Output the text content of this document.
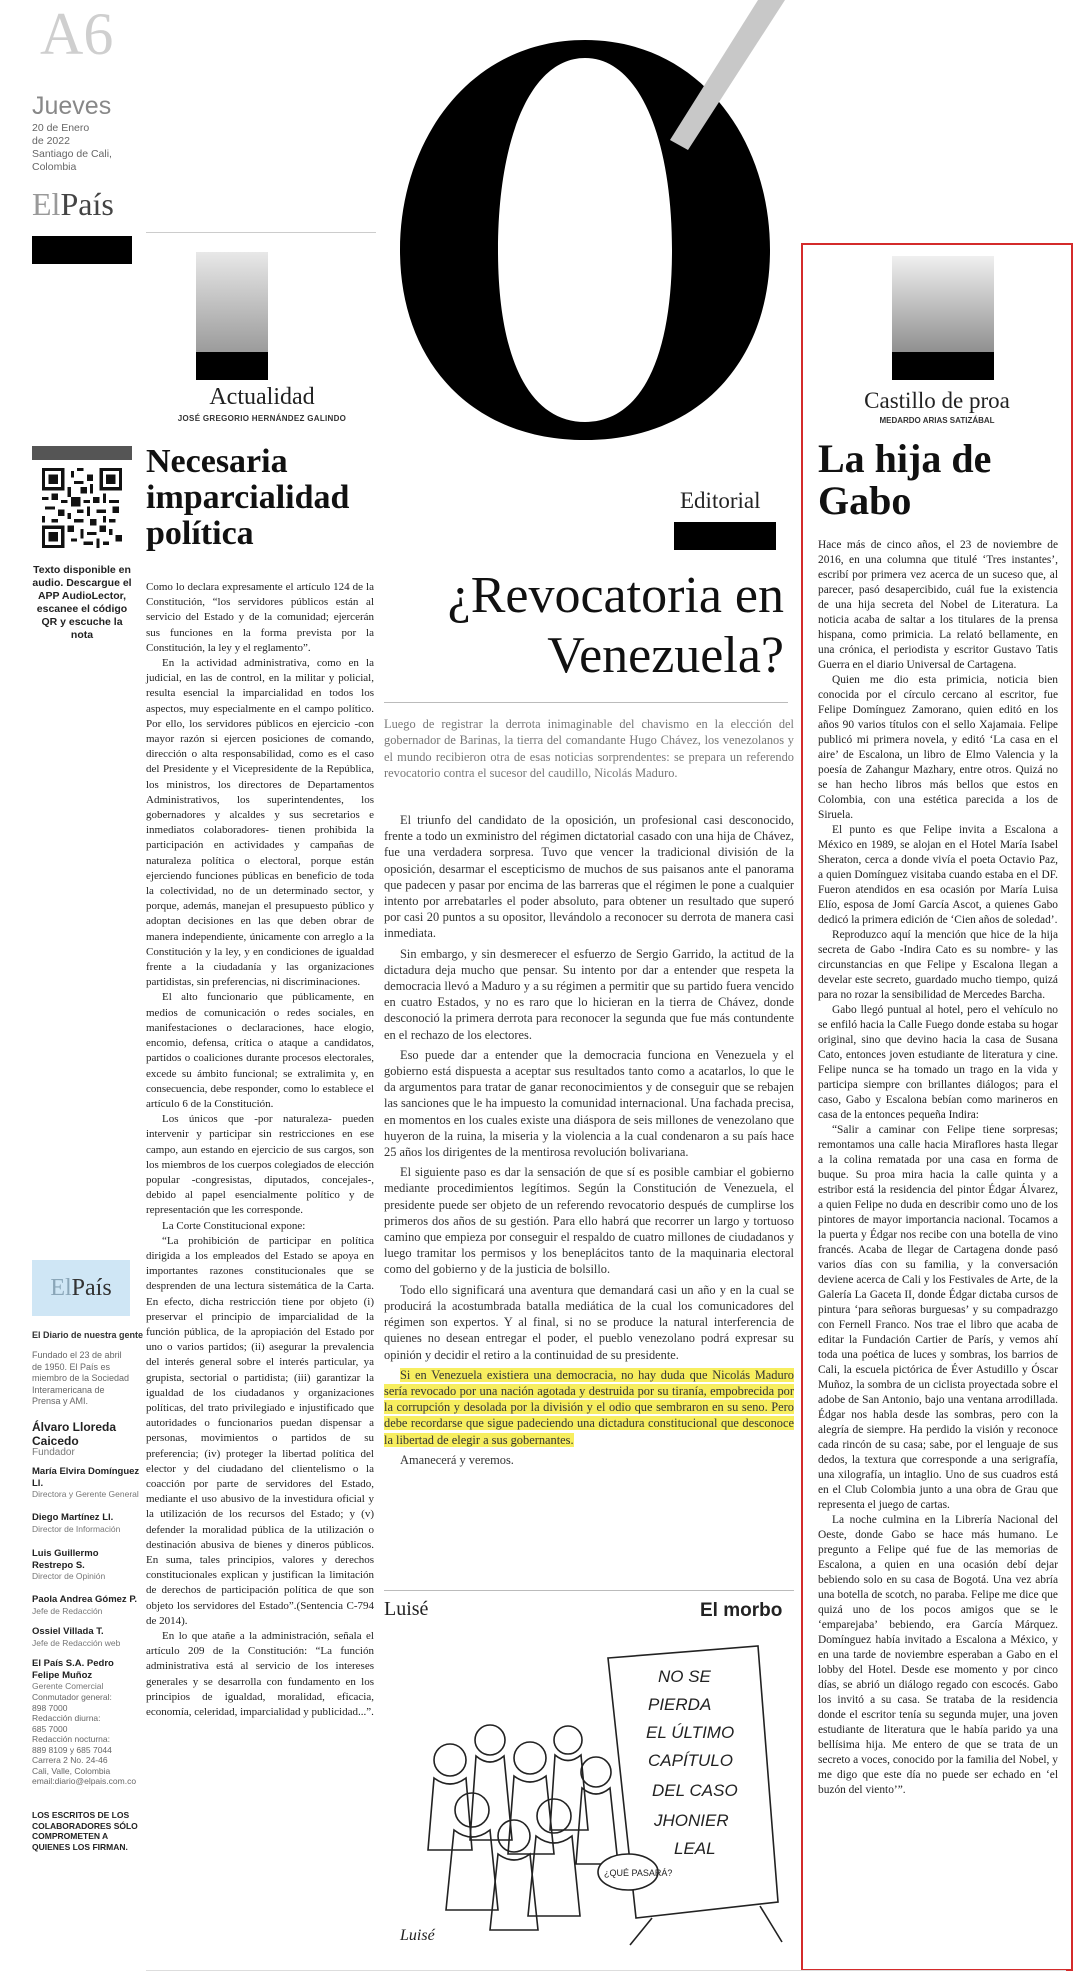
A6
Jueves
20 de Enero
de 2022
Santiago de Cali,
Colombia
ElPaís
Texto disponible en audio. Descargue el APP AudioLector, escanee el código QR y escuche la nota
ElPaís
El Diario de nuestra gente
Fundado el 23 de abril de 1950. El País es miembro de la Sociedad Interamericana de Prensa y AMI.
Álvaro Lloreda Caicedo
Fundador
María Elvira Domínguez Ll.
Directora y Gerente General
Diego Martínez Ll.
Director de Información
Luis Guillermo Restrepo S.
Director de Opinión
Paola Andrea Gómez P.
Jefe de Redacción
Ossiel Villada T.
Jefe de Redacción web
El País S.A. Pedro Felipe Muñoz
Gerente Comercial
Conmutador general:
898 7000
Redacción diurna:
685 7000
Redacción nocturna:
889 8109 y 685 7044
Carrera 2 No. 24-46
Cali, Valle, Colombia
email:diario@elpais.com.co
LOS ESCRITOS DE LOS COLABORADORES SÓLO COMPROMETEN A QUIENES LOS FIRMAN.
Actualidad
JOSÉ GREGORIO HERNÁNDEZ GALINDO
Necesaria imparcialidad política

Como lo declara expresamente el artículo 124 de la Constitución, “los servidores públicos están al servicio del Estado y de la comunidad; ejercerán sus funciones en la forma prevista por la Constitución, la ley y el reglamento”.

En la actividad administrativa, como en la judicial, en las de control, en la militar y policial, resulta esencial la imparcialidad en todos los aspectos, muy especialmente en el campo político. Por ello, los servidores públicos en ejercicio -con mayor razón si ejercen posiciones de comando, dirección o alta responsabilidad, como es el caso del Presidente y el Vicepresidente de la República, los ministros, los directores de Departamentos Administrativos, los superintendentes, los gobernadores y alcaldes y sus secretarios e inmediatos colaboradores- tienen prohibida la participación en actividades y campañas de naturaleza política o electoral, porque están ejerciendo funciones públicas en beneficio de toda la colectividad, no de un determinado sector, y porque, además, manejan el presupuesto público y adoptan decisiones en las que deben obrar de manera independiente, únicamente con arreglo a la Constitución y la ley, y en condiciones de igualdad frente a la ciudadanía y las organizaciones partidistas, sin preferencias, ni discriminaciones.

El alto funcionario que públicamente, en medios de comunicación o redes sociales, en manifestaciones o declaraciones, hace elogio, encomio, defensa, crítica o ataque a candidatos, partidos o coaliciones durante procesos electorales, excede su ámbito funcional; se extralimita y, en consecuencia, debe responder, como lo establece el artículo 6 de la Constitución.

Los únicos que -por naturaleza- pueden intervenir y participar sin restricciones en ese campo, aun estando en ejercicio de sus cargos, son los miembros de los cuerpos colegiados de elección popular -congresistas, diputados, concejales-, debido al papel esencialmente político y de representación que les corresponde.

La Corte Constitucional expone:

“La prohibición de participar en política dirigida a los empleados del Estado se apoya en importantes razones constitucionales que se desprenden de una lectura sistemática de la Carta. En efecto, dicha restricción tiene por objeto (i) preservar el principio de imparcialidad de la función pública, de la apropiación del Estado por uno o varios partidos; (ii) asegurar la prevalencia del interés general sobre el interés particular, ya grupista, sectorial o partidista; (iii) garantizar la igualdad de los ciudadanos y organizaciones políticas, del trato privilegiado e injustificado que autoridades o funcionarios puedan dispensar a personas, movimientos o partidos de su preferencia; (iv) proteger la libertad política del elector y del ciudadano del clientelismo o la coacción por parte de servidores del Estado, mediante el uso abusivo de la investidura oficial y la utilización de los recursos del Estado; y (v) defender la moralidad pública de la utilización o destinación abusiva de bienes y dineros públicos. En suma, tales principios, valores y derechos constitucionales explican y justifican la limitación de derechos de participación política de que son objeto los servidores del Estado”.(Sentencia C-794 de 2014).

En lo que atañe a la administración, señala el artículo 209 de la Constitución: “La función administrativa está al servicio de los intereses generales y se desarrolla con fundamento en los principios de igualdad, moralidad, eficacia, economía, celeridad, imparcialidad y publicidad...”.

Editorial
¿Revocatoria en Venezuela?
Luego de registrar la derrota inimaginable del chavismo en la elección del gobernador de Barinas, la tierra del comandante Hugo Chávez, los venezolanos y el mundo recibieron otra de esas noticias sorprendentes: se prepara un referendo revocatorio contra el sucesor del caudillo, Nicolás Maduro.

El triunfo del candidato de la oposición, un profesional casi desconocido, frente a todo un exministro del régimen dictatorial casado con una hija de Chávez, fue una verdadera sorpresa. Tuvo que vencer la tradicional división de la oposición, desarmar el escepticismo de muchos de sus paisanos ante el panorama que padecen y pasar por encima de las barreras que el régimen le pone a cualquier intento por arrebatarles el poder absoluto, para obtener un resultado que superó por casi 20 puntos a su opositor, llevándolo a reconocer su derrota de manera casi inmediata.

Sin embargo, y sin desmerecer el esfuerzo de Sergio Garrido, la actitud de la dictadura deja mucho que pensar. Su intento por dar a entender que respeta la democracia llevó a Maduro y a su régimen a permitir que su partido fuera vencido en cuatro Estados, y no es raro que lo hicieran en la tierra de Chávez, donde desconoció la primera derrota para reconocer la segunda que fue más contundente en el rechazo de los electores.

Eso puede dar a entender que la democracia funciona en Venezuela y el gobierno está dispuesta a aceptar sus resultados tanto como a acatarlos, lo que le da argumentos para tratar de ganar reconocimientos y de conseguir que se rebajen las sanciones que le ha impuesto la comunidad internacional. Una fachada precisa, en momentos en los cuales existe una diáspora de seis millones de venezolano que huyeron de la ruina, la miseria y la violencia a la cual condenaron a su país hace 25 años los dirigentes de la mentirosa revolución bolivariana.

El siguiente paso es dar la sensación de que sí es posible cambiar el gobierno mediante procedimientos legítimos. Según la Constitución de Venezuela, el presidente puede ser objeto de un referendo revocatorio después de cumplirse los primeros dos años de su gestión. Para ello habrá que recorrer un largo y tortuoso camino que empieza por conseguir el respaldo de cuatro millones de ciudadanos y luego tramitar los permisos y los beneplácitos tanto de la maquinaria electoral como del gobierno y de la justicia de bolsillo.

Todo ello significará una aventura que demandará casi un año y en la cual se producirá la acostumbrada batalla mediática de la cual los comunicadores del régimen son expertos. Y al final, si no se produce la natural interferencia de quienes no desean entregar el poder, el pueblo venezolano podrá expresar su opinión y decidir el retiro a la continuidad de su presidente.

Si en Venezuela existiera una democracia, no hay duda que Nicolás Maduro sería revocado por una nación agotada y destruida por su tiranía, empobrecida por la corrupción y desolada por la división y el odio que sembraron en su seno. Pero debe recordarse que sigue padeciendo una dictadura constitucional que desconoce la libertad de elegir a sus gobernantes.

Amanecerá y veremos.

Luisé	El morbo
NO SE
PIERDA
EL ÚLTIMO
CAPÍTULO
DEL CASO
JHONIER
LEAL
¿QUÉ PASARÁ?
Luisé
Castillo de proa
MEDARDO ARIAS SATIZÁBAL
La hija de Gabo

Hace más de cinco años, el 23 de noviembre de 2016, en una columna que titulé ‘Tres instantes’, escribí por primera vez acerca de un suceso que, al parecer, pasó desapercibido, cuál fue la existencia de una hija secreta del Nobel de Literatura. La noticia acaba de saltar a los titulares de la prensa hispana, como primicia. La relató bellamente, en una crónica, el periodista y escritor Gustavo Tatis Guerra en el diario Universal de Cartagena.

Quien me dio esta primicia, noticia bien conocida por el círculo cercano al escritor, fue Felipe Domínguez Zamorano, quien editó en los años 90 varios títulos con el sello Xajamaia. Felipe publicó mi primera novela, y editó ‘La casa en el aire’ de Escalona, un libro de Elmo Valencia y la poesía de Zahangur Mazhary, entre otros. Quizá no se han hecho libros más bellos que estos en Colombia, con una estética parecida a los de Siruela.

El punto es que Felipe invita a Escalona a México en 1989, se alojan en el Hotel María Isabel Sheraton, cerca a donde vivía el poeta Octavio Paz, a quien Domínguez visitaba cuando estaba en el DF. Fueron atendidos en esa ocasión por María Luisa Elío, esposa de Jomí García Ascot, a quienes Gabo dedicó la primera edición de ‘Cien años de soledad’.

Reproduzco aquí la mención que hice de la hija secreta de Gabo -Indira Cato es su nombre- y las circunstancias en que Felipe y Escalona llegan a develar este secreto, guardado mucho tiempo, quizá para no rozar la sensibilidad de Mercedes Barcha.

Gabo llegó puntual al hotel, pero el vehículo no se enfiló hacia la Calle Fuego donde estaba su hogar original, sino que devino hacia la casa de Susana Cato, entonces joven estudiante de literatura y cine. Felipe nunca se ha tomado un trago en la vida y participa siempre con brillantes diálogos; para el caso, Gabo y Escalona bebían como marineros en casa de la entonces pequeña Indira:

“Salir a caminar con Felipe tiene sorpresas; remontamos una calle hacia Miraflores hasta llegar a la colina rematada por una casa en forma de buque. Su proa mira hacia la calle quinta y a estribor está la residencia del pintor Édgar Álvarez, a quien Felipe no duda en describir como uno de los pintores de mayor importancia nacional. Tocamos a la puerta y Édgar nos recibe con una botella de vino francés. Acaba de llegar de Cartagena donde pasó varios días con su familia, y la conversación deviene acerca de Cali y los Festivales de Arte, de la Galería La Gaceta II, donde Édgar dictaba cursos de pintura ‘para señoras burguesas’ y su compadrazgo con Fernell Franco. Nos trae el libro que acaba de editar la Fundación Cartier de París, y vemos ahí toda una poética de luces y sombras, los barrios de Cali, la escuela pictórica de Éver Astudillo y Óscar Muñoz, la sombra de un ciclista proyectada sobre el adobe de San Antonio, bajo una ventana arrodillada. Édgar nos habla desde las sombras, pero con la alegría de siempre. Ha perdido la visión y reconoce cada rincón de su casa; sabe, por el lenguaje de sus dedos, la textura que corresponde a una serigrafía, una xilografía, un intaglio. Uno de sus cuadros está en el Club Colombia junto a una obra de Grau que representa el juego de cartas.

La noche culmina en la Librería Nacional del Oeste, donde Gabo se hace más humano. Le pregunto a Felipe qué fue de las memorias de Escalona, a quien en una ocasión debí dejar bebiendo solo en su casa de Bogotá. Una vez abría una botella de scotch, no paraba. Felipe me dice que quizá uno de los pocos amigos que se le ‘emparejaba’ bebiendo, era García Márquez. Domínguez había invitado a Escalona a México, y en una tarde de noviembre esperaban a Gabo en el lobby del Hotel. Desde ese momento y por cinco días, se abrió un diálogo regado con escocés. Gabo los invitó a su casa. Se trataba de la residencia donde el escritor tenía su segunda mujer, una joven estudiante de literatura que le había parido ya una bellísima hija. Me entero de que se trata de un secreto a voces, conocido por la familia del Nobel, y me digo que este día no puede ser echado en ‘el buzón del viento’”.
